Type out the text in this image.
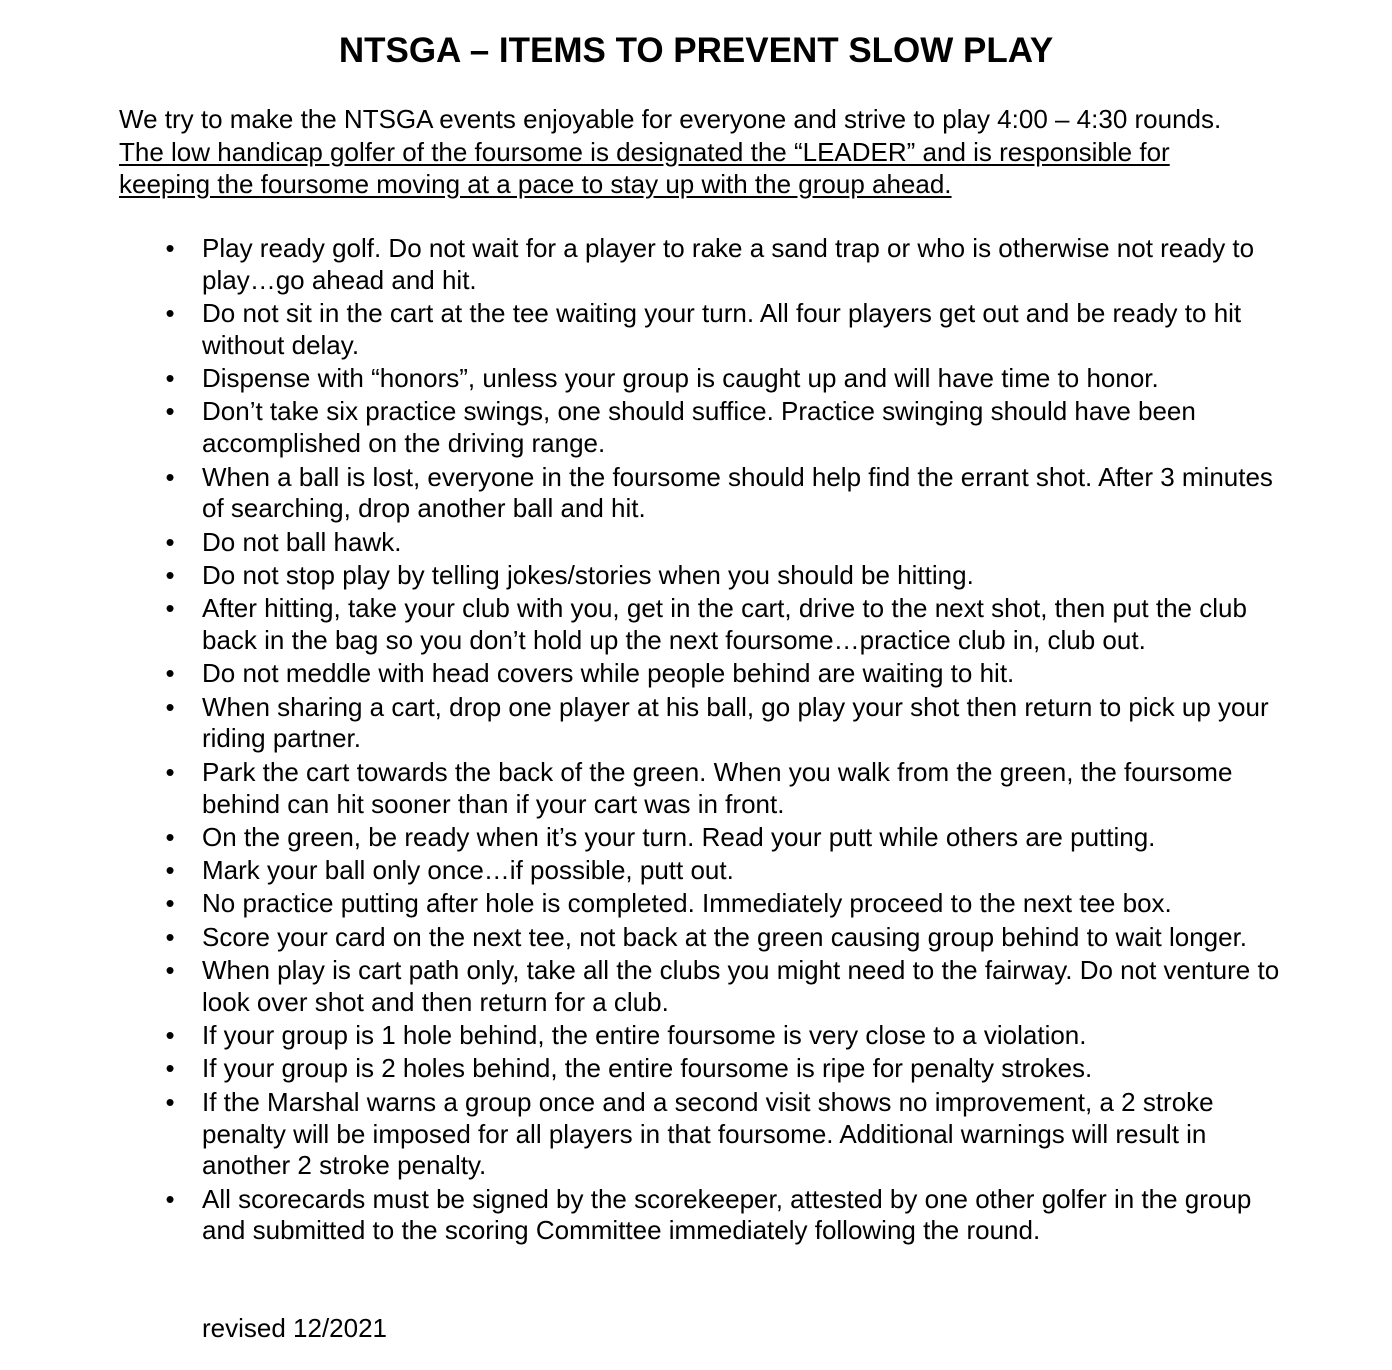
NTSGA – ITEMS TO PREVENT SLOW PLAY

We try to make the NTSGA events enjoyable for everyone and strive to play 4:00 – 4:30 rounds. The low handicap golfer of the foursome is designated the “LEADER” and is responsible for keeping the foursome moving at a pace to stay up with the group ahead.

• Play ready golf. Do not wait for a player to rake a sand trap or who is otherwise not ready to play…go ahead and hit.
• Do not sit in the cart at the tee waiting your turn. All four players get out and be ready to hit without delay.
• Dispense with “honors”, unless your group is caught up and will have time to honor.
• Don’t take six practice swings, one should suffice. Practice swinging should have been accomplished on the driving range.
• When a ball is lost, everyone in the foursome should help find the errant shot. After 3 minutes of searching, drop another ball and hit.
• Do not ball hawk.
• Do not stop play by telling jokes/stories when you should be hitting.
• After hitting, take your club with you, get in the cart, drive to the next shot, then put the club back in the bag so you don’t hold up the next foursome…practice club in, club out.
• Do not meddle with head covers while people behind are waiting to hit.
• When sharing a cart, drop one player at his ball, go play your shot then return to pick up your riding partner.
• Park the cart towards the back of the green. When you walk from the green, the foursome behind can hit sooner than if your cart was in front.
• On the green, be ready when it’s your turn. Read your putt while others are putting.
• Mark your ball only once…if possible, putt out.
• No practice putting after hole is completed. Immediately proceed to the next tee box.
• Score your card on the next tee, not back at the green causing group behind to wait longer.
• When play is cart path only, take all the clubs you might need to the fairway. Do not venture to look over shot and then return for a club.
• If your group is 1 hole behind, the entire foursome is very close to a violation.
• If your group is 2 holes behind, the entire foursome is ripe for penalty strokes.
• If the Marshal warns a group once and a second visit shows no improvement, a 2 stroke penalty will be imposed for all players in that foursome. Additional warnings will result in another 2 stroke penalty.
• All scorecards must be signed by the scorekeeper, attested by one other golfer in the group and submitted to the scoring Committee immediately following the round.

revised 12/2021
